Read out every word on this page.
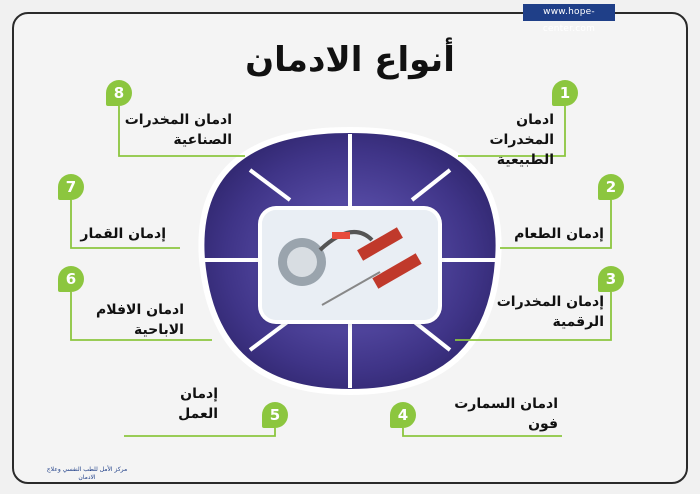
www.hope-center.com
أنواع الادمان
1
2
3
4
5
6
7
8
ادمان المخدرات الطبيعية
إدمان الطعام
إدمان المخدرات الرقمية
ادمان السمارت فون
إدمان العمل
ادمان الافلام الاباحية
إدمان القمار
ادمان المخدرات الصناعية
مركز الأمل للطب النفسي وعلاج الادمان
